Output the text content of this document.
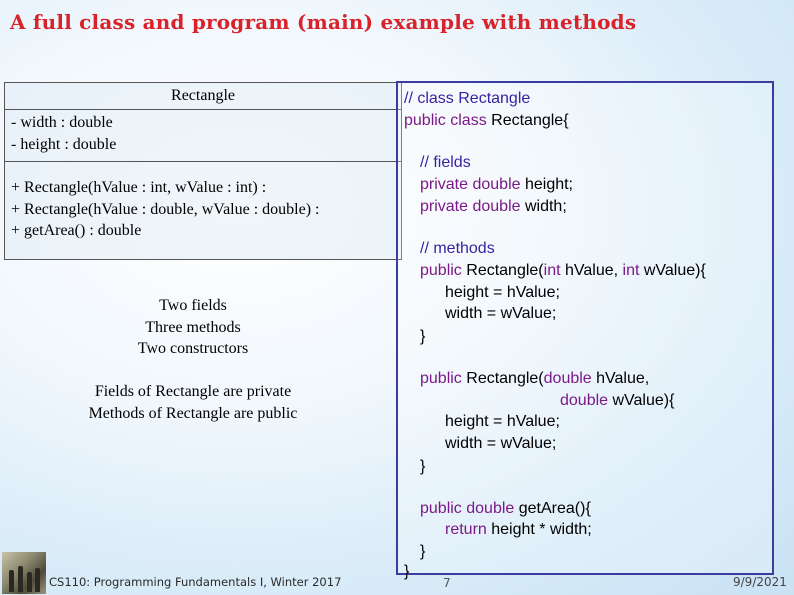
A full class and program (main) example with methods
Rectangle
- width : double
- height : double
+ Rectangle(hValue : int, wValue : int) :
+ Rectangle(hValue : double, wValue : double) :
+ getArea() : double
Two fields
Three methods
Two constructors
Fields of Rectangle are private
Methods of Rectangle are public
// class Rectangle
public class Rectangle{
// fields
private double height;
private double width;
// methods
public Rectangle(int hValue, int wValue){
height = hValue;
width = wValue;
}
public Rectangle(double hValue,
double wValue){
height = hValue;
width = wValue;
}
public double getArea(){
return height * width;
}
}
CS110: Programming Fundamentals I, Winter 2017	7	9/9/2021
